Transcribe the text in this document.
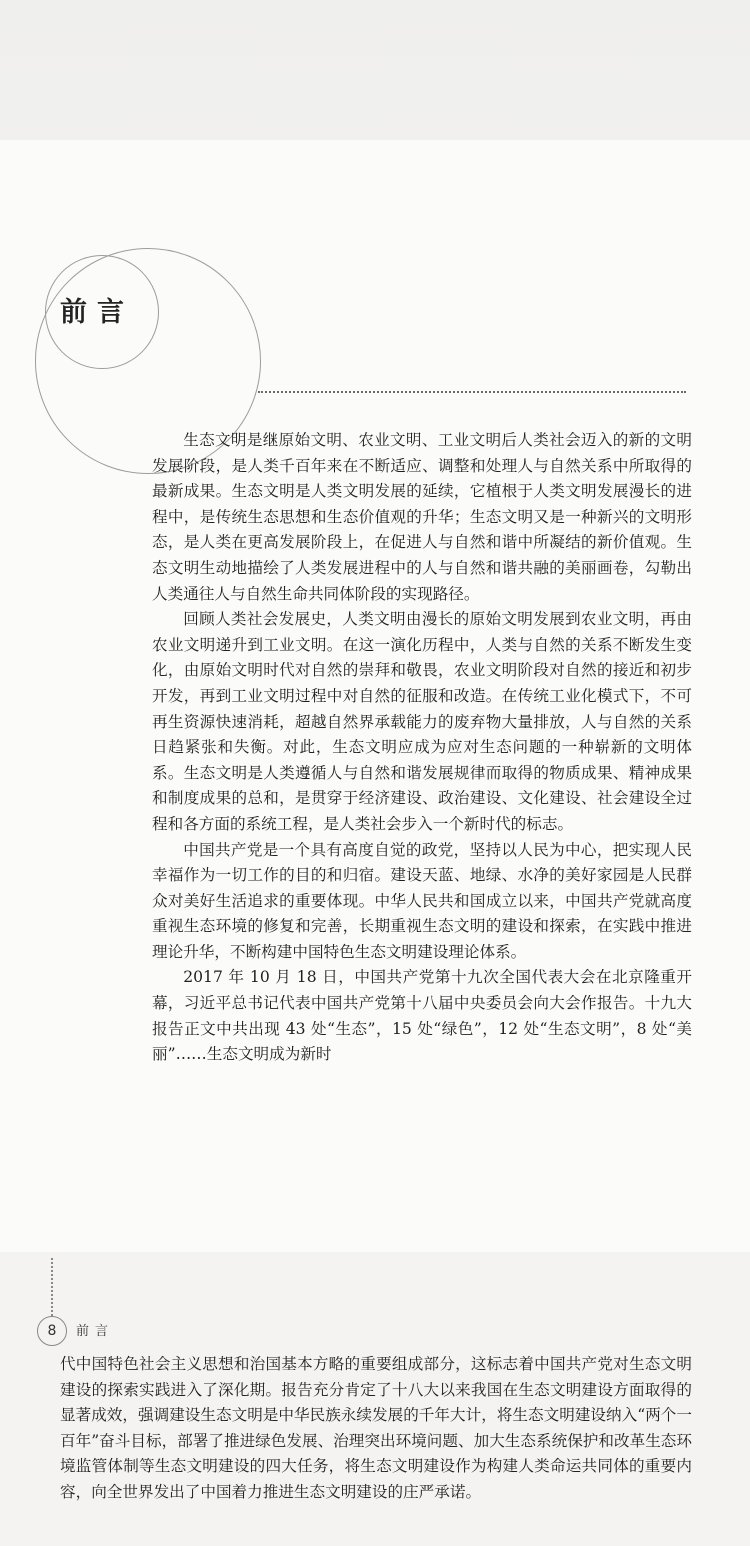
前言

生态文明是继原始文明、农业文明、工业文明后人类社会迈入的新的文明发展阶段，是人类千百年来在不断适应、调整和处理人与自然关系中所取得的最新成果。生态文明是人类文明发展的延续，它植根于人类文明发展漫长的进程中，是传统生态思想和生态价值观的升华；生态文明又是一种新兴的文明形态，是人类在更高发展阶段上，在促进人与自然和谐中所凝结的新价值观。生态文明生动地描绘了人类发展进程中的人与自然和谐共融的美丽画卷，勾勒出人类通往人与自然生命共同体阶段的实现路径。

回顾人类社会发展史，人类文明由漫长的原始文明发展到农业文明，再由农业文明递升到工业文明。在这一演化历程中，人类与自然的关系不断发生变化，由原始文明时代对自然的崇拜和敬畏，农业文明阶段对自然的接近和初步开发，再到工业文明过程中对自然的征服和改造。在传统工业化模式下，不可再生资源快速消耗，超越自然界承载能力的废弃物大量排放，人与自然的关系日趋紧张和失衡。对此，生态文明应成为应对生态问题的一种崭新的文明体系。生态文明是人类遵循人与自然和谐发展规律而取得的物质成果、精神成果和制度成果的总和，是贯穿于经济建设、政治建设、文化建设、社会建设全过程和各方面的系统工程，是人类社会步入一个新时代的标志。

中国共产党是一个具有高度自觉的政党，坚持以人民为中心，把实现人民幸福作为一切工作的目的和归宿。建设天蓝、地绿、水净的美好家园是人民群众对美好生活追求的重要体现。中华人民共和国成立以来，中国共产党就高度重视生态环境的修复和完善，长期重视生态文明的建设和探索，在实践中推进理论升华，不断构建中国特色生态文明建设理论体系。

2017 年 10 月 18 日，中国共产党第十九次全国代表大会在北京隆重开幕，习近平总书记代表中国共产党第十八届中央委员会向大会作报告。十九大报告正文中共出现 43 处“生态”，15 处“绿色”，12 处“生态文明”，8 处“美丽”……生态文明成为新时

8	前言

代中国特色社会主义思想和治国基本方略的重要组成部分，这标志着中国共产党对生态文明建设的探索实践进入了深化期。报告充分肯定了十八大以来我国在生态文明建设方面取得的显著成效，强调建设生态文明是中华民族永续发展的千年大计，将生态文明建设纳入“两个一百年”奋斗目标，部署了推进绿色发展、治理突出环境问题、加大生态系统保护和改革生态环境监管体制等生态文明建设的四大任务，将生态文明建设作为构建人类命运共同体的重要内容，向全世界发出了中国着力推进生态文明建设的庄严承诺。
